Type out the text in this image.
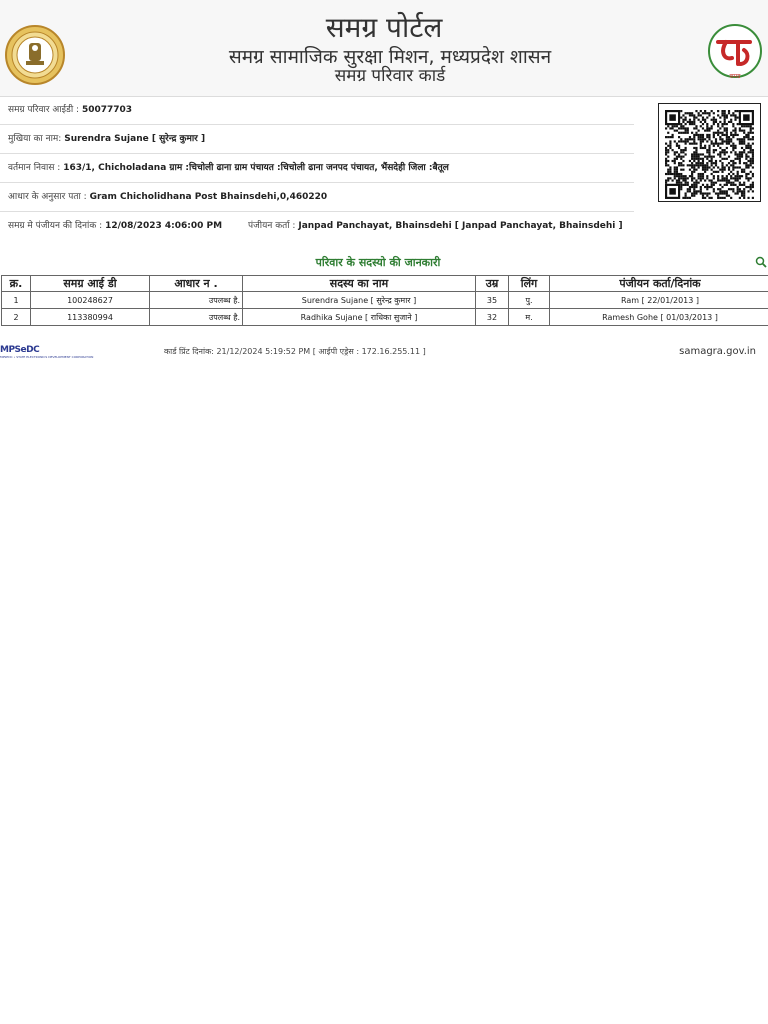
समग्र पोर्टल
समग्र सामाजिक सुरक्षा मिशन, मध्यप्रदेश शासन
समग्र परिवार कार्ड	समग्र
समग्र परिवार आईडी : 50077703
मुखिया का नाम: Surendra Sujane [ सुरेन्द्र कुमार ]
वर्तमान निवास : 163/1, Chicholadana ग्राम :चिचोली ढाना ग्राम पंचायत :चिचोली ढाना जनपद पंचायत, भैंसदेही जिला :बैतूल
आधार के अनुसार पता : Gram Chicholidhana Post Bhainsdehi,0,460220
समग्र मे पंजीयन की दिनांक : 12/08/2023 4:06:00 PM	पंजीयन कर्ता : Janpad Panchayat, Bhainsdehi [ Janpad Panchayat, Bhainsdehi ]
परिवार के सदस्यो की जानकारी
क्र.	समग्र आई डी	आधार न .	सदस्य का नाम	उम्र	लिंग	पंजीयन कर्ता/दिनांक
1	100248627	उपलब्ध है.	Surendra Sujane [ सुरेन्द्र कुमार ]	35	पु.	Ram [ 22/01/2013 ]
2	113380994	उपलब्ध है.	Radhika Sujane [ राधिका सुजाने ]	32	म.	Ramesh Gohe [ 01/03/2013 ]
MPSeDC
MPSEDC • STATE ELECTRONICS DEVELOPMENT CORPORATION
कार्ड प्रिंट दिनांक: 21/12/2024 5:19:52 PM [ आईपी एड्रेस : 172.16.255.11 ]	samagra.gov.in
